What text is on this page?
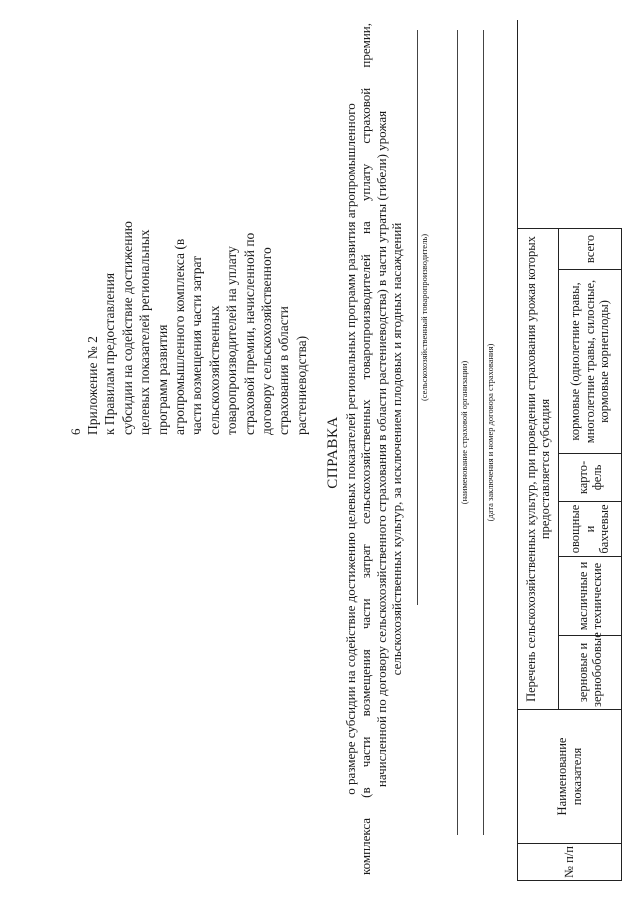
6 Приложение № 2 к Правилам предоставления субсидии на содействие достижению целевых показателей региональных программ развития агропромышленного комплекса (в части возмещения части затрат сельскохозяйственных товаропроизводителей на уплату страховой премии, начисленной по договору сельскохозяйственного страхования в области растениеводства)
СПРАВКА о размере субсидии на содействие достижению целевых показателей региональных программ развития агропромышленного комплекса (в части возмещения части затрат сельскохозяйственных товаропроизводителей на уплату страховой премии, начисленной по договору сельскохозяйственного страхования в области растениеводства) в части утраты (гибели) урожая сельскохозяйственных культур, за исключением плодовых и ягодных насаждений (сельскохозяйственный товаропроизводитель)
(наименование страховой организации) (дата заключения и номер договора страхования)
№ п/п	Наименование показателя	Перечень сельскохозяйственных культур, при проведении страхования урожая которых предоставляется субсидия						
		зерновые и зернобобовые	масличные и технические	овощные и бахчевые	карто-фель	кормовые (однолетние травы, многолетние травы, силосные, кормовые корнеплоды)	всего	
